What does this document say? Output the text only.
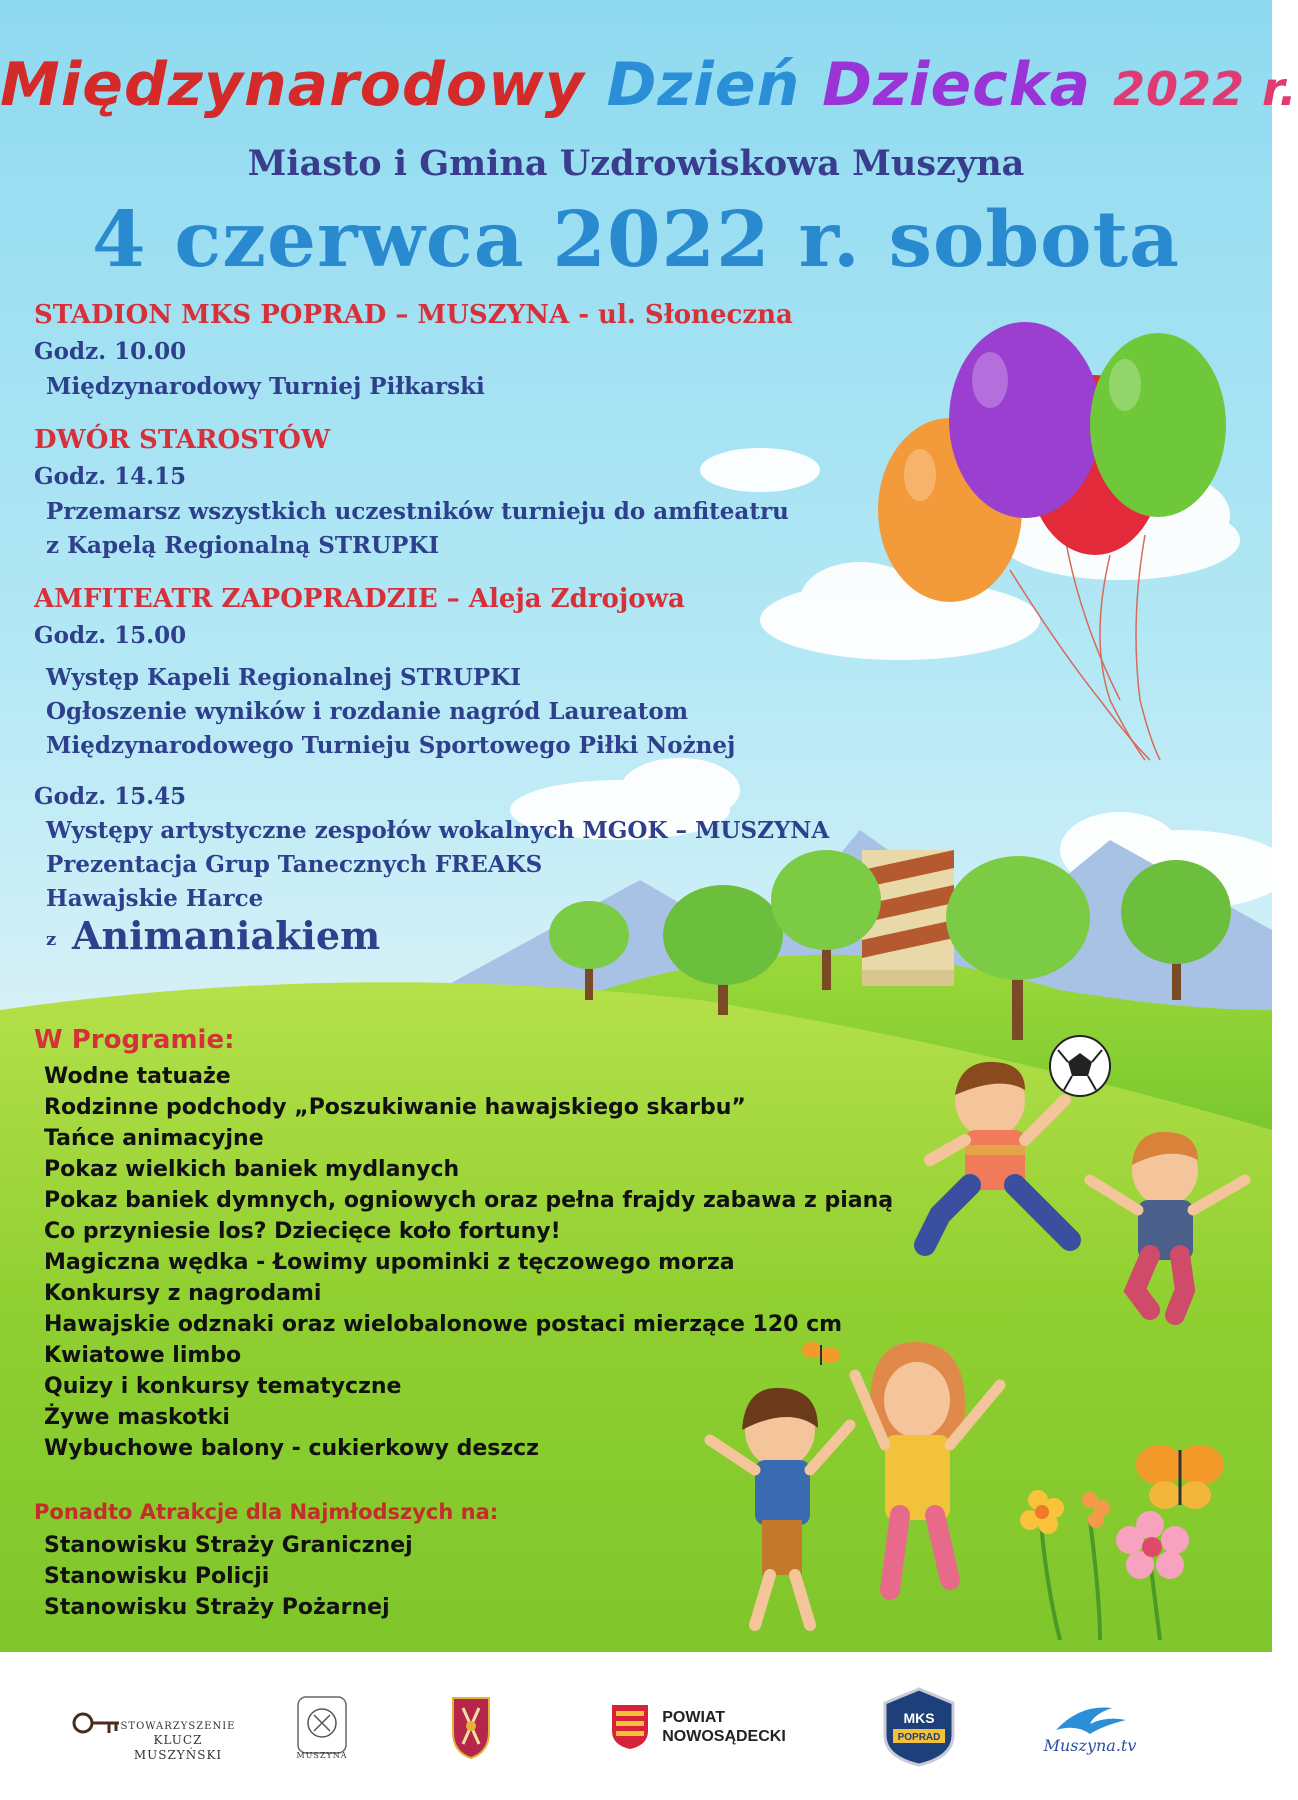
Międzynarodowy Dzień Dziecka 2022 r.
Miasto i Gmina Uzdrowiskowa Muszyna
4 czerwca 2022 r. sobota
STADION MKS POPRAD – MUSZYNA - ul. Słoneczna
Godz. 10.00
Międzynarodowy Turniej Piłkarski
DWÓR STAROSTÓW
Godz. 14.15
Przemarsz wszystkich uczestników turnieju do amfiteatru
z Kapelą Regionalną STRUPKI
AMFITEATR ZAPOPRADZIE – Aleja Zdrojowa
Godz. 15.00
Występ Kapeli Regionalnej STRUPKI
Ogłoszenie wyników i rozdanie nagród Laureatom
Międzynarodowego Turnieju Sportowego Piłki Nożnej
Godz. 15.45
Występy artystyczne zespołów wokalnych MGOK – MUSZYNA
Prezentacja Grup Tanecznych FREAKS
Hawajskie Harce
z Animaniakiem
W Programie:
Wodne tatuaże
Rodzinne podchody „Poszukiwanie hawajskiego skarbu”
Tańce animacyjne
Pokaz wielkich baniek mydlanych
Pokaz baniek dymnych, ogniowych oraz pełna frajdy zabawa z pianą
Co przyniesie los? Dziecięce koło fortuny!
Magiczna wędka - Łowimy upominki z tęczowego morza
Konkursy z nagrodami
Hawajskie odznaki oraz wielobalonowe postaci mierzące 120 cm
Kwiatowe limbo
Quizy i konkursy tematyczne
Żywe maskotki
Wybuchowe balony - cukierkowy deszcz
Ponadto Atrakcje dla Najmłodszych na:
Stanowisku Straży Granicznej
Stanowisku Policji
Stanowisku Straży Pożarnej
STOWARZYSZENIE
KLUCZ
MUSZYŃSKI	MUSZYNA
POWIAT
NOWOSĄDECKI
MKS
POPRAD	Muszyna.tv
